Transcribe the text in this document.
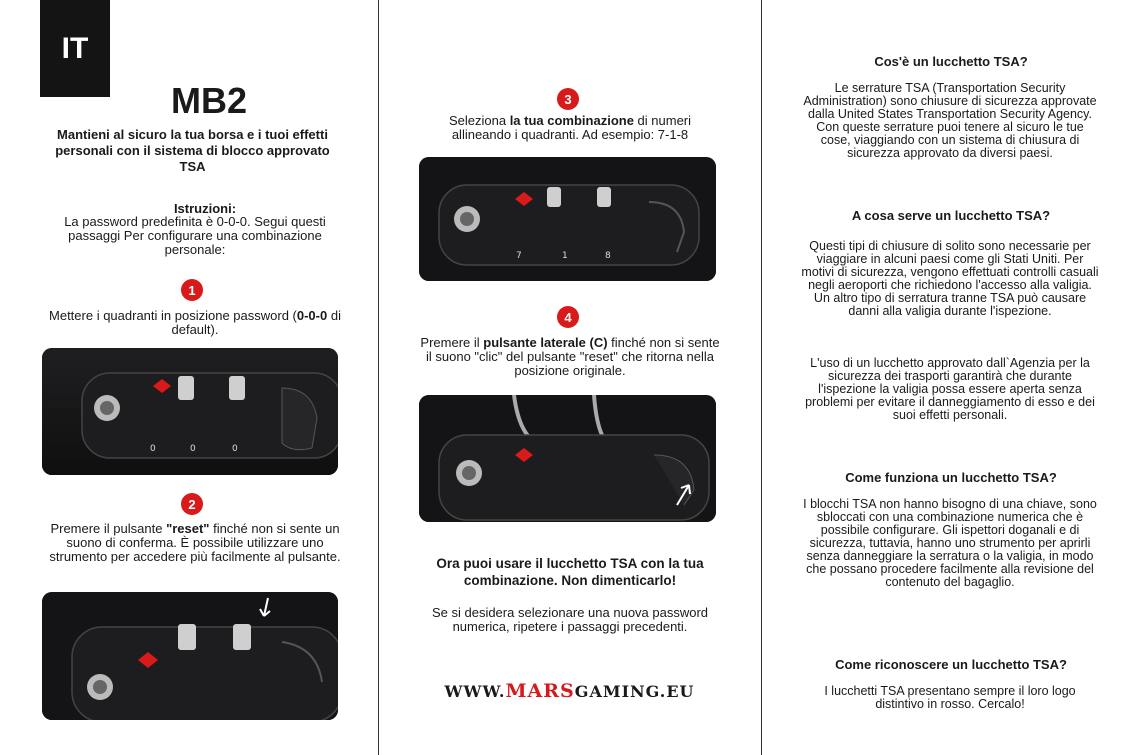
IT
MB2
Mantieni al sicuro la tua borsa e i tuoi effetti personali con il sistema di blocco approvato TSA
Istruzioni:
La password predefinita è 0-0-0. Segui questi passaggi Per configurare una combinazione personale:
1
Mettere i quadranti in posizione password (0-0-0 di default).
0	0	0
2
Premere il pulsante "reset" finché non si sente un suono di conferma. È possibile utilizzare uno strumento per accedere più facilmente al pulsante.
3
Seleziona la tua combinazione di numeri allineando i quadranti. Ad esempio: 7-1-8
7	1	8
4
Premere il pulsante laterale (C) finché non si sente il suono "clic" del pulsante "reset" che ritorna nella posizione originale.
Ora puoi usare il lucchetto TSA con la tua combinazione. Non dimenticarlo!
Se si desidera selezionare una nuova password numerica, ripetere i passaggi precedenti.
WWW.MARSGAMING.EU
Cos'è un lucchetto TSA?
Le serrature TSA (Transportation Security Administration) sono chiusure di sicurezza approvate dalla United States Transportation Security Agency. Con queste serrature puoi tenere al sicuro le tue cose, viaggiando con un sistema di chiusura di sicurezza approvato da diversi paesi.
A cosa serve un lucchetto TSA?
Questi tipi di chiusure di solito sono necessarie per viaggiare in alcuni paesi come gli Stati Uniti. Per motivi di sicurezza, vengono effettuati controlli casuali negli aeroporti che richiedono l'accesso alla valigia. Un altro tipo di serratura tranne TSA può causare danni alla valigia durante l'ispezione.
L'uso di un lucchetto approvato dall`Agenzia per la sicurezza dei trasporti garantirà che durante l'ispezione la valigia possa essere aperta senza problemi per evitare il danneggiamento di esso e dei suoi effetti personali.
Come funziona un lucchetto TSA?
I blocchi TSA non hanno bisogno di una chiave, sono sbloccati con una combinazione numerica che è possibile configurare. Gli ispettori doganali e di sicurezza, tuttavia, hanno uno strumento per aprirli senza danneggiare la serratura o la valigia, in modo che possano procedere facilmente alla revisione del contenuto del bagaglio.
Come riconoscere un lucchetto TSA?
I lucchetti TSA presentano sempre il loro logo distintivo in rosso. Cercalo!
